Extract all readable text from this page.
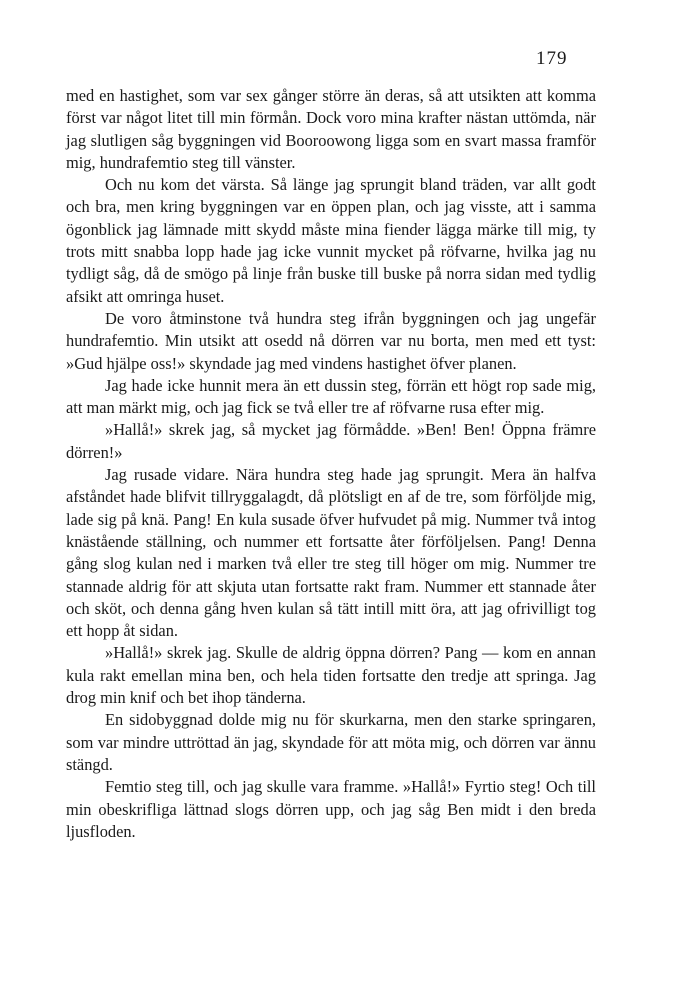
179

med en hastighet, som var sex gånger större än deras, så att utsikten att komma först var något litet till min förmån. Dock voro mina krafter nästan uttömda, när jag slutligen såg byggningen vid Booroowong ligga som en svart massa framför mig, hundrafemtio steg till vänster.

Och nu kom det värsta. Så länge jag sprungit bland träden, var allt godt och bra, men kring byggningen var en öppen plan, och jag visste, att i samma ögonblick jag lämnade mitt skydd måste mina fiender lägga märke till mig, ty trots mitt snabba lopp hade jag icke vunnit mycket på röfvarne, hvilka jag nu tydligt såg, då de smögo på linje från buske till buske på norra sidan med tydlig afsikt att omringa huset.

De voro åtminstone två hundra steg ifrån byggningen och jag ungefär hundrafemtio. Min utsikt att osedd nå dörren var nu borta, men med ett tyst: »Gud hjälpe oss!» skyndade jag med vindens hastighet öfver planen.

Jag hade icke hunnit mera än ett dussin steg, förrän ett högt rop sade mig, att man märkt mig, och jag fick se två eller tre af röfvarne rusa efter mig.

»Hallå!» skrek jag, så mycket jag förmådde. »Ben! Ben! Öppna främre dörren!»

Jag rusade vidare. Nära hundra steg hade jag sprungit. Mera än halfva afståndet hade blifvit tillryggalagdt, då plötsligt en af de tre, som förföljde mig, lade sig på knä. Pang! En kula susade öfver hufvudet på mig. Nummer två intog knästående ställning, och nummer ett fortsatte åter förföljelsen. Pang! Denna gång slog kulan ned i marken två eller tre steg till höger om mig. Nummer tre stannade aldrig för att skjuta utan fortsatte rakt fram. Nummer ett stannade åter och sköt, och denna gång hven kulan så tätt intill mitt öra, att jag ofrivilligt tog ett hopp åt sidan.

»Hallå!» skrek jag. Skulle de aldrig öppna dörren? Pang — kom en annan kula rakt emellan mina ben, och hela tiden fortsatte den tredje att springa. Jag drog min knif och bet ihop tänderna.

En sidobyggnad dolde mig nu för skurkarna, men den starke springaren, som var mindre uttröttad än jag, skyndade för att möta mig, och dörren var ännu stängd.

Femtio steg till, och jag skulle vara framme. »Hallå!» Fyrtio steg! Och till min obeskrifliga lättnad slogs dörren upp, och jag såg Ben midt i den breda ljusfloden.
